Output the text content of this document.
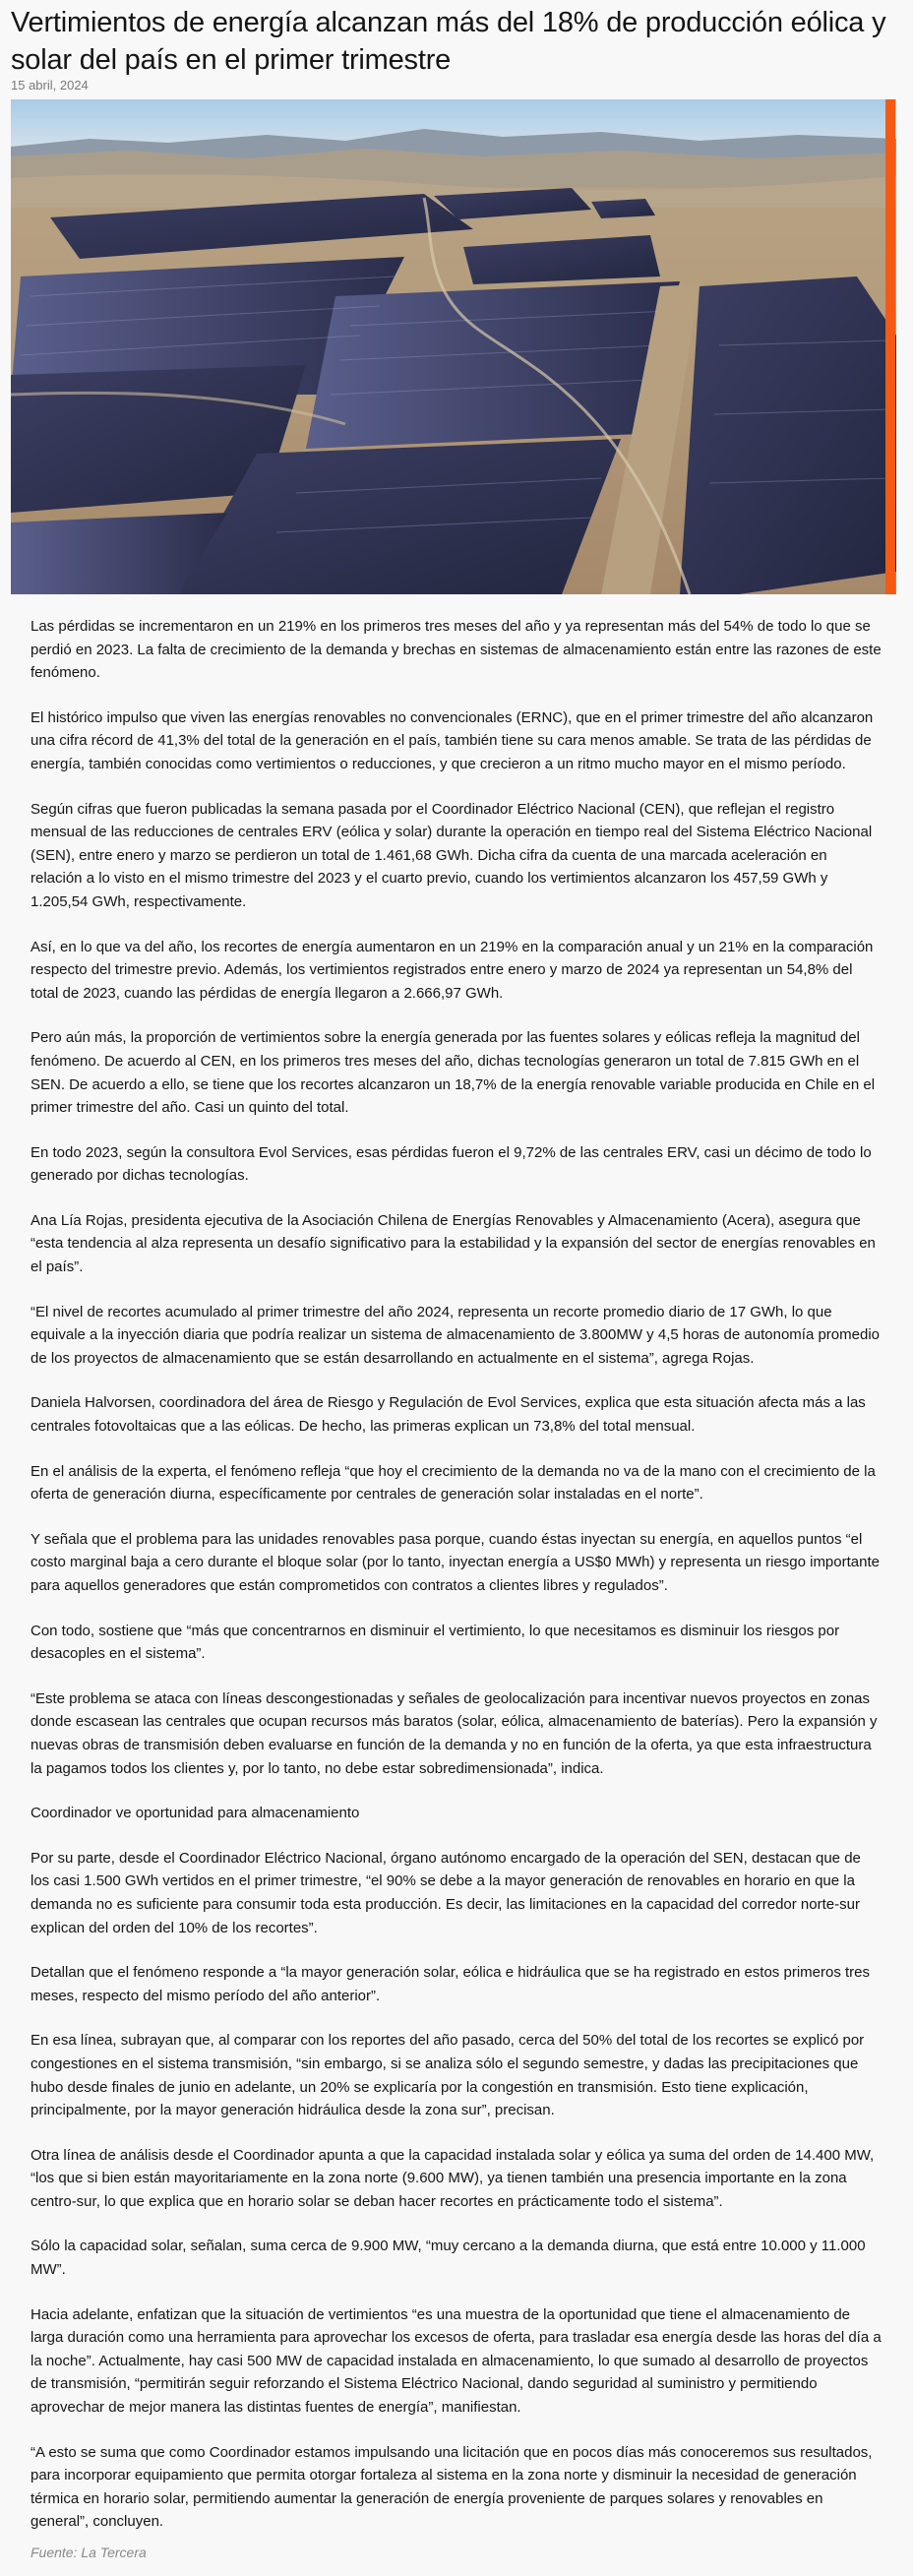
Vertimientos de energía alcanzan más del 18% de producción eólica y solar del país en el primer trimestre
15 abril, 2024

Las pérdidas se incrementaron en un 219% en los primeros tres meses del año y ya representan más del 54% de todo lo que se perdió en 2023. La falta de crecimiento de la demanda y brechas en sistemas de almacenamiento están entre las razones de este fenómeno.

El histórico impulso que viven las energías renovables no convencionales (ERNC), que en el primer trimestre del año alcanzaron una cifra récord de 41,3% del total de la generación en el país, también tiene su cara menos amable. Se trata de las pérdidas de energía, también conocidas como vertimientos o reducciones, y que crecieron a un ritmo mucho mayor en el mismo período.

Según cifras que fueron publicadas la semana pasada por el Coordinador Eléctrico Nacional (CEN), que reflejan el registro mensual de las reducciones de centrales ERV (eólica y solar) durante la operación en tiempo real del Sistema Eléctrico Nacional (SEN), entre enero y marzo se perdieron un total de 1.461,68 GWh. Dicha cifra da cuenta de una marcada aceleración en relación a lo visto en el mismo trimestre del 2023 y el cuarto previo, cuando los vertimientos alcanzaron los 457,59 GWh y 1.205,54 GWh, respectivamente.

Así, en lo que va del año, los recortes de energía aumentaron en un 219% en la comparación anual y un 21% en la comparación respecto del trimestre previo. Además, los vertimientos registrados entre enero y marzo de 2024 ya representan un 54,8% del total de 2023, cuando las pérdidas de energía llegaron a 2.666,97 GWh.

Pero aún más, la proporción de vertimientos sobre la energía generada por las fuentes solares y eólicas refleja la magnitud del fenómeno. De acuerdo al CEN, en los primeros tres meses del año, dichas tecnologías generaron un total de 7.815 GWh en el SEN. De acuerdo a ello, se tiene que los recortes alcanzaron un 18,7% de la energía renovable variable producida en Chile en el primer trimestre del año. Casi un quinto del total.

En todo 2023, según la consultora Evol Services, esas pérdidas fueron el 9,72% de las centrales ERV, casi un décimo de todo lo generado por dichas tecnologías.

Ana Lía Rojas, presidenta ejecutiva de la Asociación Chilena de Energías Renovables y Almacenamiento (Acera), asegura que “esta tendencia al alza representa un desafío significativo para la estabilidad y la expansión del sector de energías renovables en el país”.

“El nivel de recortes acumulado al primer trimestre del año 2024, representa un recorte promedio diario de 17 GWh, lo que equivale a la inyección diaria que podría realizar un sistema de almacenamiento de 3.800MW y 4,5 horas de autonomía promedio de los proyectos de almacenamiento que se están desarrollando en actualmente en el sistema”, agrega Rojas.

Daniela Halvorsen, coordinadora del área de Riesgo y Regulación de Evol Services, explica que esta situación afecta más a las centrales fotovoltaicas que a las eólicas. De hecho, las primeras explican un 73,8% del total mensual.

En el análisis de la experta, el fenómeno refleja “que hoy el crecimiento de la demanda no va de la mano con el crecimiento de la oferta de generación diurna, específicamente por centrales de generación solar instaladas en el norte”.

Y señala que el problema para las unidades renovables pasa porque, cuando éstas inyectan su energía, en aquellos puntos “el costo marginal baja a cero durante el bloque solar (por lo tanto, inyectan energía a US$0 MWh) y representa un riesgo importante para aquellos generadores que están comprometidos con contratos a clientes libres y regulados”.

Con todo, sostiene que “más que concentrarnos en disminuir el vertimiento, lo que necesitamos es disminuir los riesgos por desacoples en el sistema”.

“Este problema se ataca con líneas descongestionadas y señales de geolocalización para incentivar nuevos proyectos en zonas donde escasean las centrales que ocupan recursos más baratos (solar, eólica, almacenamiento de baterías). Pero la expansión y nuevas obras de transmisión deben evaluarse en función de la demanda y no en función de la oferta, ya que esta infraestructura la pagamos todos los clientes y, por lo tanto, no debe estar sobredimensionada”, indica.

Coordinador ve oportunidad para almacenamiento

Por su parte, desde el Coordinador Eléctrico Nacional, órgano autónomo encargado de la operación del SEN, destacan que de los casi 1.500 GWh vertidos en el primer trimestre, “el 90% se debe a la mayor generación de renovables en horario en que la demanda no es suficiente para consumir toda esta producción. Es decir, las limitaciones en la capacidad del corredor norte-sur explican del orden del 10% de los recortes”.

Detallan que el fenómeno responde a “la mayor generación solar, eólica e hidráulica que se ha registrado en estos primeros tres meses, respecto del mismo período del año anterior”.

En esa línea, subrayan que, al comparar con los reportes del año pasado, cerca del 50% del total de los recortes se explicó por congestiones en el sistema transmisión, “sin embargo, si se analiza sólo el segundo semestre, y dadas las precipitaciones que hubo desde finales de junio en adelante, un 20% se explicaría por la congestión en transmisión. Esto tiene explicación, principalmente, por la mayor generación hidráulica desde la zona sur”, precisan.

Otra línea de análisis desde el Coordinador apunta a que la capacidad instalada solar y eólica ya suma del orden de 14.400 MW, “los que si bien están mayoritariamente en la zona norte (9.600 MW), ya tienen también una presencia importante en la zona centro-sur, lo que explica que en horario solar se deban hacer recortes en prácticamente todo el sistema”.

Sólo la capacidad solar, señalan, suma cerca de 9.900 MW, “muy cercano a la demanda diurna, que está entre 10.000 y 11.000 MW”.

Hacia adelante, enfatizan que la situación de vertimientos “es una muestra de la oportunidad que tiene el almacenamiento de larga duración como una herramienta para aprovechar los excesos de oferta, para trasladar esa energía desde las horas del día a la noche”. Actualmente, hay casi 500 MW de capacidad instalada en almacenamiento, lo que sumado al desarrollo de proyectos de transmisión, “permitirán seguir reforzando el Sistema Eléctrico Nacional, dando seguridad al suministro y permitiendo aprovechar de mejor manera las distintas fuentes de energía”, manifiestan.

“A esto se suma que como Coordinador estamos impulsando una licitación que en pocos días más conoceremos sus resultados, para incorporar equipamiento que permita otorgar fortaleza al sistema en la zona norte y disminuir la necesidad de generación térmica en horario solar, permitiendo aumentar la generación de energía proveniente de parques solares y renovables en general”, concluyen.

Fuente: La Tercera
